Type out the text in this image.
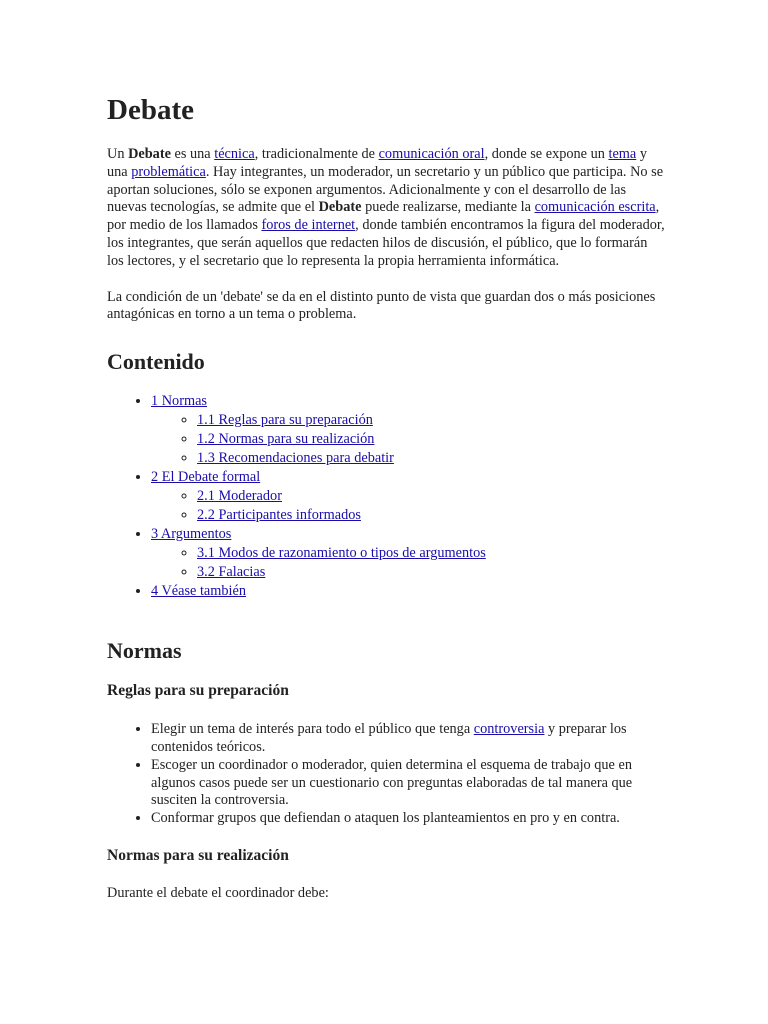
Debate

Un Debate es una técnica, tradicionalmente de comunicación oral, donde se expone un tema y una problemática. Hay integrantes, un moderador, un secretario y un público que participa. No se aportan soluciones, sólo se exponen argumentos. Adicionalmente y con el desarrollo de las nuevas tecnologías, se admite que el Debate puede realizarse, mediante la comunicación escrita, por medio de los llamados foros de internet, donde también encontramos la figura del moderador, los integrantes, que serán aquellos que redacten hilos de discusión, el público, que lo formarán los lectores, y el secretario que lo representa la propia herramienta informática.

La condición de un 'debate' se da en el distinto punto de vista que guardan dos o más posiciones antagónicas en torno a un tema o problema.

Contenido
• 1 Normas
◦ 1.1 Reglas para su preparación
◦ 1.2 Normas para su realización
◦ 1.3 Recomendaciones para debatir
• 2 El Debate formal
◦ 2.1 Moderador
◦ 2.2 Participantes informados
• 3 Argumentos
◦ 3.1 Modos de razonamiento o tipos de argumentos
◦ 3.2 Falacias
• 4 Véase también
Normas
Reglas para su preparación
• Elegir un tema de interés para todo el público que tenga controversia y preparar los contenidos teóricos.
• Escoger un coordinador o moderador, quien determina el esquema de trabajo que en algunos casos puede ser un cuestionario con preguntas elaboradas de tal manera que susciten la controversia.
• Conformar grupos que defiendan o ataquen los planteamientos en pro y en contra.
Normas para su realización

Durante el debate el coordinador debe:
